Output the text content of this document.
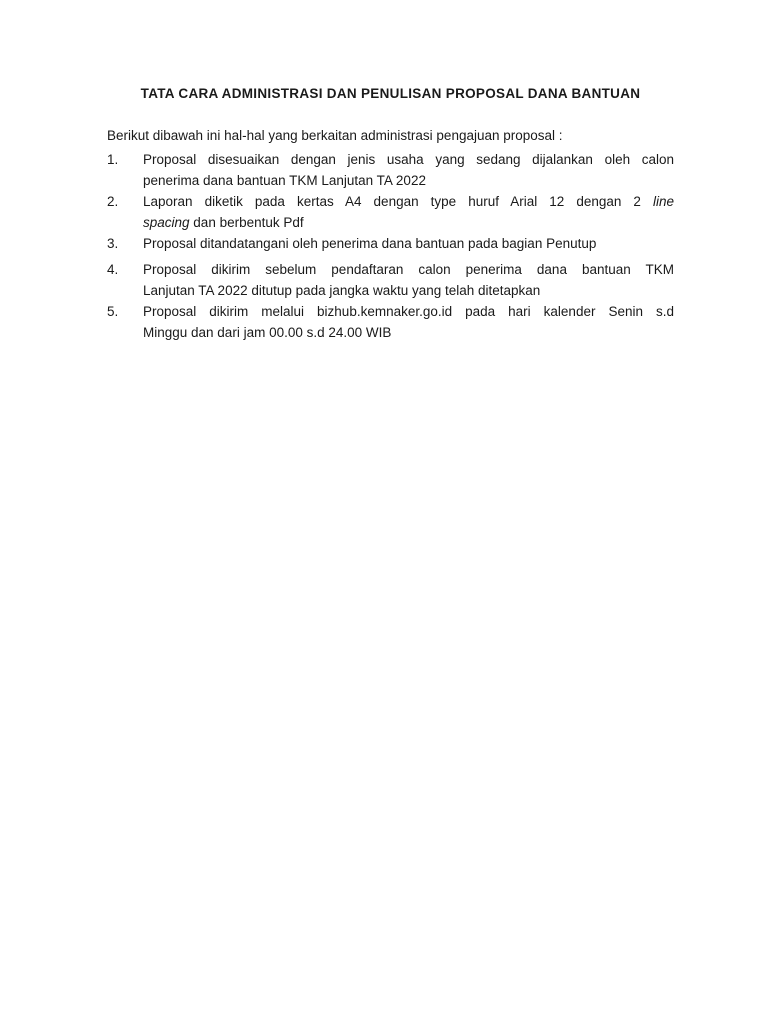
TATA CARA ADMINISTRASI DAN PENULISAN PROPOSAL DANA BANTUAN
Berikut dibawah ini hal-hal yang berkaitan administrasi pengajuan proposal :
1.	Proposal disesuaikan dengan jenis usaha yang sedang dijalankan oleh calon
penerima dana bantuan TKM Lanjutan TA 2022
2.	Laporan diketik pada kertas A4 dengan type huruf Arial 12 dengan 2 line
spacing dan berbentuk Pdf
3.	Proposal ditandatangani oleh penerima dana bantuan pada bagian Penutup
4.	Proposal dikirim sebelum pendaftaran calon penerima dana bantuan TKM
Lanjutan TA 2022 ditutup pada jangka waktu yang telah ditetapkan
5.	Proposal dikirim melalui bizhub.kemnaker.go.id pada hari kalender Senin s.d
Minggu dan dari jam 00.00 s.d 24.00 WIB
